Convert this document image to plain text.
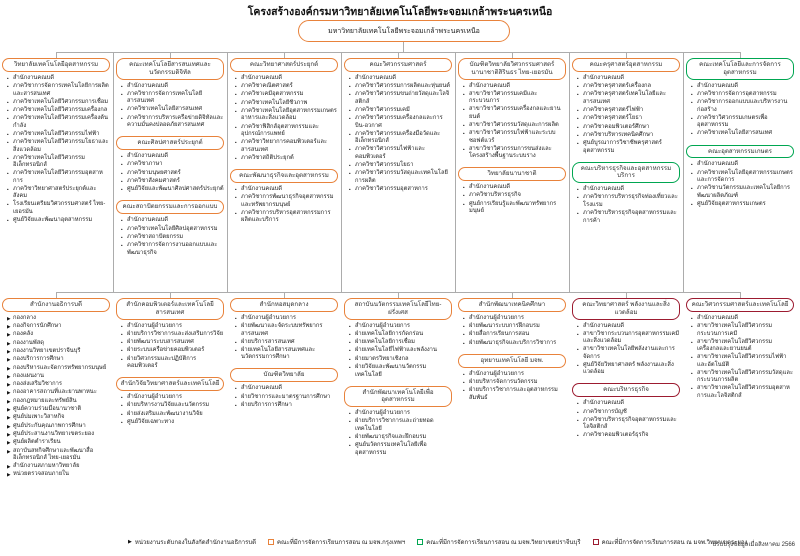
โครงสร้างองค์กรมหาวิทยาลัยเทคโนโลยีพระจอมเกล้าพระนครเหนือ
มหาวิทยาลัยเทคโนโลยีพระจอมเกล้าพระนครเหนือ
วิทยาลัยเทคโนโลยีอุตสาหกรรม
• สำนักงานคณบดี
• ภาควิชาการจัดการเทคโนโลยีการผลิตและสารสนเทศ
• ภาควิชาเทคโนโลยีวิศวกรรมการเชื่อม
• ภาควิชาเทคโนโลยีวิศวกรรมเครื่องกล
• ภาควิชาเทคโนโลยีวิศวกรรมเครื่องต้นกำลัง
• ภาควิชาเทคโนโลยีวิศวกรรมไฟฟ้า
• ภาควิชาเทคโนโลยีวิศวกรรมโยธาและสิ่งแวดล้อม
• ภาควิชาเทคโนโลยีวิศวกรรมอิเล็กทรอนิกส์
• ภาควิชาเทคโนโลยีวิศวกรรมอุตสาหการ
• ภาควิชาวิทยาศาสตร์ประยุกต์และสังคม
• โรงเรียนเตรียมวิศวกรรมศาสตร์ ไทย-เยอรมัน
• ศูนย์วิจัยและพัฒนาอุตสาหกรรม
คณะเทคโนโลยีสารสนเทศและนวัตกรรมดิจิทัล
• สำนักงานคณบดี
• ภาควิชาการจัดการเทคโนโลยีสารสนเทศ
• ภาควิชาเทคโนโลยีสารสนเทศ
• ภาควิชาการบริหารเครือข่ายดิจิทัลและความมั่นคงปลอดภัยสารสนเทศ
คณะศิลปศาสตร์ประยุกต์
• สำนักงานคณบดี
• ภาควิชาภาษา
• ภาควิชามนุษยศาสตร์
• ภาควิชาสังคมศาสตร์
• ศูนย์วิจัยและพัฒนาศิลปศาสตร์ประยุกต์
คณะสถาปัตยกรรมและการออกแบบ
• สำนักงานคณบดี
• ภาควิชาเทคโนโลยีศิลปอุตสาหกรรม
• ภาควิชาสถาปัตยกรรม
• ภาควิชาการจัดการงานออกแบบและพัฒนาธุรกิจ
คณะวิทยาศาสตร์ประยุกต์
• สำนักงานคณบดี
• ภาควิชาคณิตศาสตร์
• ภาควิชาเคมีอุตสาหกรรม
• ภาควิชาเทคโนโลยีชีวภาพ
• ภาควิชาเทคโนโลยีอุตสาหกรรมเกษตรอาหารและสิ่งแวดล้อม
• ภาควิชาฟิสิกส์อุตสาหกรรมและอุปกรณ์การแพทย์
• ภาควิชาวิทยาการคอมพิวเตอร์และสารสนเทศ
• ภาควิชาสถิติประยุกต์
คณะพัฒนาธุรกิจและอุตสาหกรรม
• สำนักงานคณบดี
• ภาควิชาการพัฒนาธุรกิจอุตสาหกรรมและทรัพยากรมนุษย์
• ภาควิชาการบริหารอุตสาหกรรมการผลิตและบริการ
คณะวิศวกรรมศาสตร์
• สำนักงานคณบดี
• ภาควิชาวิศวกรรมการผลิตและหุ่นยนต์
• ภาควิชาวิศวกรรมขนถ่ายวัสดุและโลจิสติกส์
• ภาควิชาวิศวกรรมเคมี
• ภาควิชาวิศวกรรมเครื่องกลและการบิน-อวกาศ
• ภาควิชาวิศวกรรมเครื่องมือวัดและอิเล็กทรอนิกส์
• ภาควิชาวิศวกรรมไฟฟ้าและคอมพิวเตอร์
• ภาควิชาวิศวกรรมโยธา
• ภาควิชาวิศวกรรมวัสดุและเทคโนโลยีการผลิต
• ภาควิชาวิศวกรรมอุตสาหการ
บัณฑิตวิทยาลัยวิศวกรรมศาสตร์นานาชาติสิรินธร ไทย-เยอรมัน
• สำนักงานคณบดี
• สาขาวิชาวิศวกรรมเคมีและกระบวนการ
• สาขาวิชาวิศวกรรมเครื่องกลและยานยนต์
• สาขาวิชาวิศวกรรมวัสดุและการผลิต
• สาขาวิชาวิศวกรรมไฟฟ้าและระบบซอฟต์แวร์
• สาขาวิชาวิศวกรรมการขนส่งและโครงสร้างพื้นฐานระบบราง
วิทยาลัยนานาชาติ
• สำนักงานคณบดี
• ภาควิชาบริหารธุรกิจ
• ศูนย์การเรียนรู้และพัฒนาทรัพยากรมนุษย์
คณะครุศาสตร์อุตสาหกรรม
• สำนักงานคณบดี
• ภาควิชาครุศาสตร์เครื่องกล
• ภาควิชาครุศาสตร์เทคโนโลยีและสารสนเทศ
• ภาควิชาครุศาสตร์ไฟฟ้า
• ภาควิชาครุศาสตร์โยธา
• ภาควิชาคอมพิวเตอร์ศึกษา
• ภาควิชาบริหารเทคนิคศึกษา
• ศูนย์บูรณาการวิชาชีพครุศาสตร์อุตสาหกรรม
คณะบริหารธุรกิจและอุตสาหกรรมบริการ
• สำนักงานคณบดี
• ภาควิชาการบริหารธุรกิจท่องเที่ยวและโรงแรม
• ภาควิชาบริหารธุรกิจอุตสาหกรรมและการค้า
คณะเทคโนโลยีและการจัดการอุตสาหกรรม
• สำนักงานคณบดี
• ภาควิชาการจัดการอุตสาหกรรม
• ภาควิชาการออกแบบและบริหารงานก่อสร้าง
• ภาควิชาวิศวกรรมเกษตรเพื่ออุตสาหกรรม
• ภาควิชาเทคโนโลยีสารสนเทศ
คณะอุตสาหกรรมเกษตร
• สำนักงานคณบดี
• ภาควิชาเทคโนโลยีอุตสาหกรรมเกษตรและการจัดการ
• ภาควิชานวัตกรรมและเทคโนโลยีการพัฒนาผลิตภัณฑ์
• ศูนย์วิจัยอุตสาหกรรมเกษตร
สำนักงานอธิการบดี
▶ กองกลาง
▶ กองกิจการนักศึกษา
▶ กองคลัง
▶ กองงานพัสดุ
▶ กองงานวิทยาเขตปราจีนบุรี
▶ กองบริการการศึกษา
▶ กองบริหารและจัดการทรัพยากรมนุษย์
▶ กองแผนงาน
▶ กองส่งเสริมวิชาการ
▶ กองอาคารสถานที่และยานพาหนะ
▶ กองกฎหมายและทรัพย์สิน
▶ ศูนย์ความร่วมมือนานาชาติ
▶ ศูนย์บ่มเพาะวิสาหกิจ
▶ ศูนย์ประกันคุณภาพการศึกษา
▶ ศูนย์ประสานงานวิทยาเขตระยอง
▶ ศูนย์ผลิตตำราเรียน
▶ สถาบันสหกิจศึกษาและพัฒนาสื่ออิเล็กทรอนิกส์ ไทย-เยอรมัน
▶ สำนักงานสภามหาวิทยาลัย
▶ หน่วยตรวจสอบภายใน
สำนักคอมพิวเตอร์และเทคโนโลยีสารสนเทศ
• สำนักงานผู้อำนวยการ
• ฝ่ายบริการวิชาการและส่งเสริมการวิจัย
• ฝ่ายพัฒนาระบบสารสนเทศ
• ฝ่ายระบบเครือข่ายคอมพิวเตอร์
• ฝ่ายวิศวกรรมและปฏิบัติการคอมพิวเตอร์
สำนักวิจัยวิทยาศาสตร์และเทคโนโลยี
• สำนักงานผู้อำนวยการ
• ฝ่ายบริหารงานวิจัยและนวัตกรรม
• ฝ่ายส่งเสริมและพัฒนางานวิจัย
• ศูนย์วิจัยเฉพาะทาง
สำนักหอสมุดกลาง
• สำนักงานผู้อำนวยการ
• ฝ่ายพัฒนาและจัดระบบทรัพยากรสารสนเทศ
• ฝ่ายบริการสารสนเทศ
• ฝ่ายเทคโนโลยีสารสนเทศและนวัตกรรมการศึกษา
บัณฑิตวิทยาลัย
• สำนักงานคณบดี
• ฝ่ายวิชาการและมาตรฐานการศึกษา
• ฝ่ายบริการการศึกษา
สถาบันนวัตกรรมเทคโนโลยีไทย-ฝรั่งเศส
• สำนักงานผู้อำนวยการ
• ฝ่ายเทคโนโลยีการกัดกร่อน
• ฝ่ายเทคโนโลยีการเชื่อม
• ฝ่ายเทคโนโลยีไฟฟ้าและพลังงาน
• ฝ่ายมาตรวิทยาเชิงกล
• ฝ่ายวิจัยและพัฒนานวัตกรรมเทคโนโลยี
สำนักพัฒนาเทคโนโลยีเพื่ออุตสาหกรรม
• สำนักงานผู้อำนวยการ
• ฝ่ายบริการวิชาการและถ่ายทอดเทคโนโลยี
• ฝ่ายพัฒนาธุรกิจและฝึกอบรม
• ศูนย์นวัตกรรมเทคโนโลยีเพื่ออุตสาหกรรม
สำนักพัฒนาเทคนิคศึกษา
• สำนักงานผู้อำนวยการ
• ฝ่ายพัฒนาระบบการฝึกอบรม
• ฝ่ายสื่อการเรียนการสอน
• ฝ่ายพัฒนาธุรกิจและบริการวิชาการ
อุทยานเทคโนโลยี มจพ.
• สำนักงานผู้อำนวยการ
• ฝ่ายบริหารจัดการนวัตกรรม
• ฝ่ายบริการวิชาการและอุตสาหกรรมสัมพันธ์
คณะวิทยาศาสตร์ พลังงานและสิ่งแวดล้อม
• สำนักงานคณบดี
• สาขาวิชากระบวนการอุตสาหกรรมเคมีและสิ่งแวดล้อม
• สาขาวิชาเทคโนโลยีพลังงานและการจัดการ
• ศูนย์วิจัยวิทยาศาสตร์ พลังงานและสิ่งแวดล้อม
คณะบริหารธุรกิจ
• สำนักงานคณบดี
• ภาควิชาการบัญชี
• ภาควิชาบริหารธุรกิจอุตสาหกรรมและโลจิสติกส์
• ภาควิชาคอมพิวเตอร์ธุรกิจ
คณะวิศวกรรมศาสตร์และเทคโนโลยี
• สำนักงานคณบดี
• สาขาวิชาเทคโนโลยีวิศวกรรมกระบวนการเคมี
• สาขาวิชาเทคโนโลยีวิศวกรรมเครื่องกลและยานยนต์
• สาขาวิชาเทคโนโลยีวิศวกรรมไฟฟ้าและอัตโนมัติ
• สาขาวิชาเทคโนโลยีวิศวกรรมวัสดุและกระบวนการผลิต
• สาขาวิชาเทคโนโลยีวิศวกรรมอุตสาหการและโลจิสติกส์
▶ หน่วยงานระดับกองในสังกัดสำนักงานอธิการบดี	คณะที่มีการจัดการเรียนการสอน ณ มจพ.กรุงเทพฯ	คณะที่มีการจัดการเรียนการสอน ณ มจพ.วิทยาเขตปราจีนบุรี	คณะที่มีการจัดการเรียนการสอน ณ มจพ.วิทยาเขตระยอง
ปรับปรุงข้อมูลเมื่อสิงหาคม 2566
